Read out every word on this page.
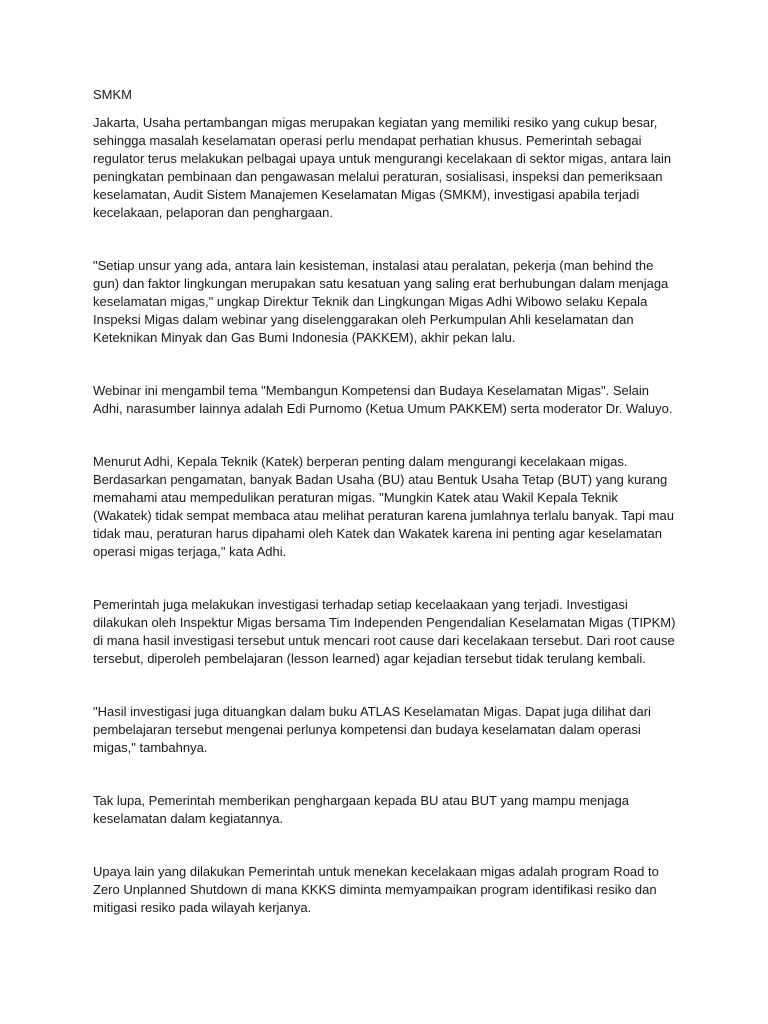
SMKM
Jakarta, Usaha pertambangan migas merupakan kegiatan yang memiliki resiko yang cukup besar,
sehingga masalah keselamatan operasi perlu mendapat perhatian khusus. Pemerintah sebagai
regulator terus melakukan pelbagai upaya untuk mengurangi kecelakaan di sektor migas, antara lain
peningkatan pembinaan dan pengawasan melalui peraturan, sosialisasi, inspeksi dan pemeriksaan
keselamatan, Audit Sistem Manajemen Keselamatan Migas (SMKM), investigasi apabila terjadi
kecelakaan, pelaporan dan penghargaan.
"Setiap unsur yang ada, antara lain kesisteman, instalasi atau peralatan, pekerja (man behind the
gun) dan faktor lingkungan merupakan satu kesatuan yang saling erat berhubungan dalam menjaga
keselamatan migas," ungkap Direktur Teknik dan Lingkungan Migas Adhi Wibowo selaku Kepala
Inspeksi Migas dalam webinar yang diselenggarakan oleh Perkumpulan Ahli keselamatan dan
Keteknikan Minyak dan Gas Bumi Indonesia (PAKKEM), akhir pekan lalu.
Webinar ini mengambil tema "Membangun Kompetensi dan Budaya Keselamatan Migas". Selain
Adhi, narasumber lainnya adalah Edi Purnomo (Ketua Umum PAKKEM) serta moderator Dr. Waluyo.
Menurut Adhi, Kepala Teknik (Katek) berperan penting dalam mengurangi kecelakaan migas.
Berdasarkan pengamatan, banyak Badan Usaha (BU) atau Bentuk Usaha Tetap (BUT) yang kurang
memahami atau mempedulikan peraturan migas. "Mungkin Katek atau Wakil Kepala Teknik
(Wakatek) tidak sempat membaca atau melihat peraturan karena jumlahnya terlalu banyak. Tapi mau
tidak mau, peraturan harus dipahami oleh Katek dan Wakatek karena ini penting agar keselamatan
operasi migas terjaga," kata Adhi.
Pemerintah juga melakukan investigasi terhadap setiap kecelaakaan yang terjadi. Investigasi
dilakukan oleh Inspektur Migas bersama Tim Independen Pengendalian Keselamatan Migas (TIPKM)
di mana hasil investigasi tersebut untuk mencari root cause dari kecelakaan tersebut. Dari root cause
tersebut, diperoleh pembelajaran (lesson learned) agar kejadian tersebut tidak terulang kembali.
"Hasil investigasi juga dituangkan dalam buku ATLAS Keselamatan Migas. Dapat juga dilihat dari
pembelajaran tersebut mengenai perlunya kompetensi dan budaya keselamatan dalam operasi
migas," tambahnya.
Tak lupa, Pemerintah memberikan penghargaan kepada BU atau BUT yang mampu menjaga
keselamatan dalam kegiatannya.
Upaya lain yang dilakukan Pemerintah untuk menekan kecelakaan migas adalah program Road to
Zero Unplanned Shutdown di mana KKKS diminta memyampaikan program identifikasi resiko dan
mitigasi resiko pada wilayah kerjanya.
